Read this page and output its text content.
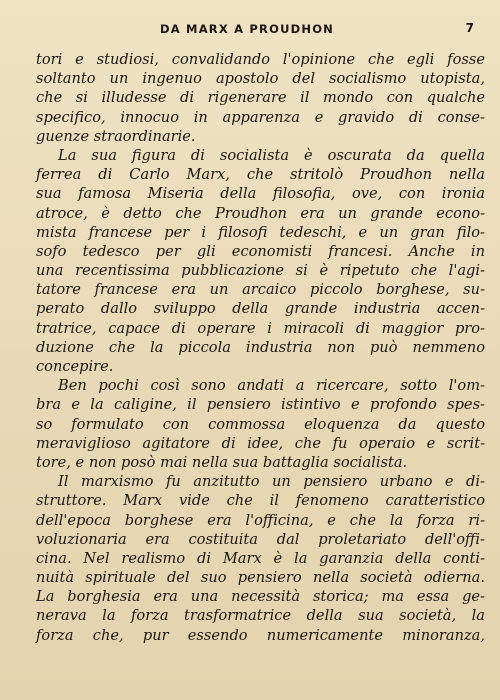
DA MARX A PROUDHON	7
tori e studiosi, convalidando l'opinione che egli fosse
soltanto un ingenuo apostolo del socialismo utopista,
che si illudesse di rigenerare il mondo con qualche
specifico, innocuo in apparenza e gravido di conse-
guenze straordinarie.
La sua figura di socialista è oscurata da quella
ferrea di Carlo Marx, che stritolò Proudhon nella
sua famosa Miseria della filosofia, ove, con ironia
atroce, è detto che Proudhon era un grande econo-
mista francese per i filosofi tedeschi, e un gran filo-
sofo tedesco per gli economisti francesi. Anche in
una recentissima pubblicazione si è ripetuto che l'agi-
tatore francese era un arcaico piccolo borghese, su-
perato dallo sviluppo della grande industria accen-
tratrice, capace di operare i miracoli di maggior pro-
duzione che la piccola industria non può nemmeno
concepire.
Ben pochi così sono andati a ricercare, sotto l'om-
bra e la caligine, il pensiero istintivo e profondo spes-
so formulato con commossa eloquenza da questo
meraviglioso agitatore di idee, che fu operaio e scrit-
tore, e non posò mai nella sua battaglia socialista.
Il marxismo fu anzitutto un pensiero urbano e di-
struttore. Marx vide che il fenomeno caratteristico
dell'epoca borghese era l'officina, e che la forza ri-
voluzionaria era costituita dal proletariato dell'offi-
cina. Nel realismo di Marx è la garanzia della conti-
nuità spirituale del suo pensiero nella società odierna.
La borghesia era una necessità storica; ma essa ge-
nerava la forza trasformatrice della sua società, la
forza che, pur essendo numericamente minoranza,
